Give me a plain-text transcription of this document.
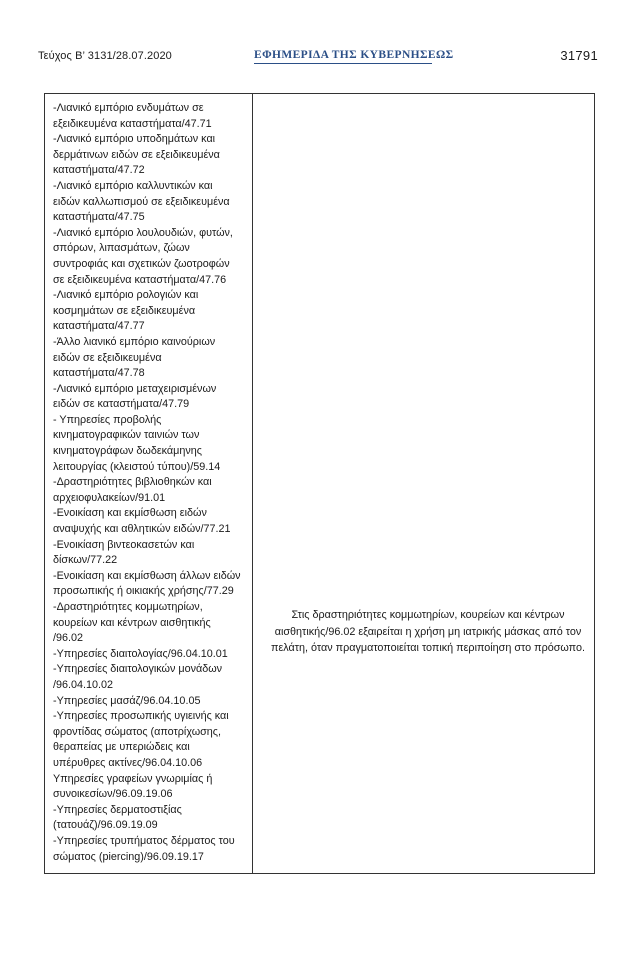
Τεύχος Β’ 3131/28.07.2020	ΕΦΗΜΕΡΙΔΑ ΤΗΣ ΚΥΒΕΡΝΗΣΕΩΣ	31791
-Λιανικό εμπόριο ενδυμάτων σε
εξειδικευμένα καταστήματα/47.71
-Λιανικό εμπόριο υποδημάτων και
δερμάτινων ειδών σε εξειδικευμένα
καταστήματα/47.72
-Λιανικό εμπόριο καλλυντικών και
ειδών καλλωπισμού σε εξειδικευμένα
καταστήματα/47.75
-Λιανικό εμπόριο λουλουδιών, φυτών,
σπόρων, λιπασμάτων, ζώων
συντροφιάς και σχετικών ζωοτροφών
σε εξειδικευμένα καταστήματα/47.76
-Λιανικό εμπόριο ρολογιών και
κοσμημάτων σε εξειδικευμένα
καταστήματα/47.77
-Άλλο λιανικό εμπόριο καινούριων
ειδών σε εξειδικευμένα
καταστήματα/47.78
-Λιανικό εμπόριο μεταχειρισμένων
ειδών σε καταστήματα/47.79
- Υπηρεσίες προβολής
κινηματογραφικών ταινιών των
κινηματογράφων δωδεκάμηνης
λειτουργίας (κλειστού τύπου)/59.14
-Δραστηριότητες βιβλιοθηκών και
αρχειοφυλακείων/91.01
-Ενοικίαση και εκμίσθωση ειδών
αναψυχής και αθλητικών ειδών/77.21
-Ενοικίαση βιντεοκασετών και
δίσκων/77.22
-Ενοικίαση και εκμίσθωση άλλων ειδών
προσωπικής ή οικιακής χρήσης/77.29
-Δραστηριότητες κομμωτηρίων,
κουρείων και κέντρων αισθητικής
/96.02
-Υπηρεσίες διαιτολογίας/96.04.10.01
-Υπηρεσίες διαιτολογικών μονάδων
/96.04.10.02
-Υπηρεσίες μασάζ/96.04.10.05
-Υπηρεσίες προσωπικής υγιεινής και
φροντίδας σώματος (αποτρίχωσης,
θεραπείας με υπεριώδεις και
υπέρυθρες ακτίνες/96.04.10.06
Υπηρεσίες γραφείων γνωριμίας ή
συνοικεσίων/96.09.19.06
-Υπηρεσίες δερματοστιξίας
(τατουάζ)/96.09.19.09
-Υπηρεσίες τρυπήματος δέρματος του
σώματος (piercing)/96.09.19.17
Στις δραστηριότητες κομμωτηρίων, κουρείων και κέντρων
αισθητικής/96.02 εξαιρείται η χρήση μη ιατρικής μάσκας από τον
πελάτη, όταν πραγματοποιείται τοπική περιποίηση στο πρόσωπο.
